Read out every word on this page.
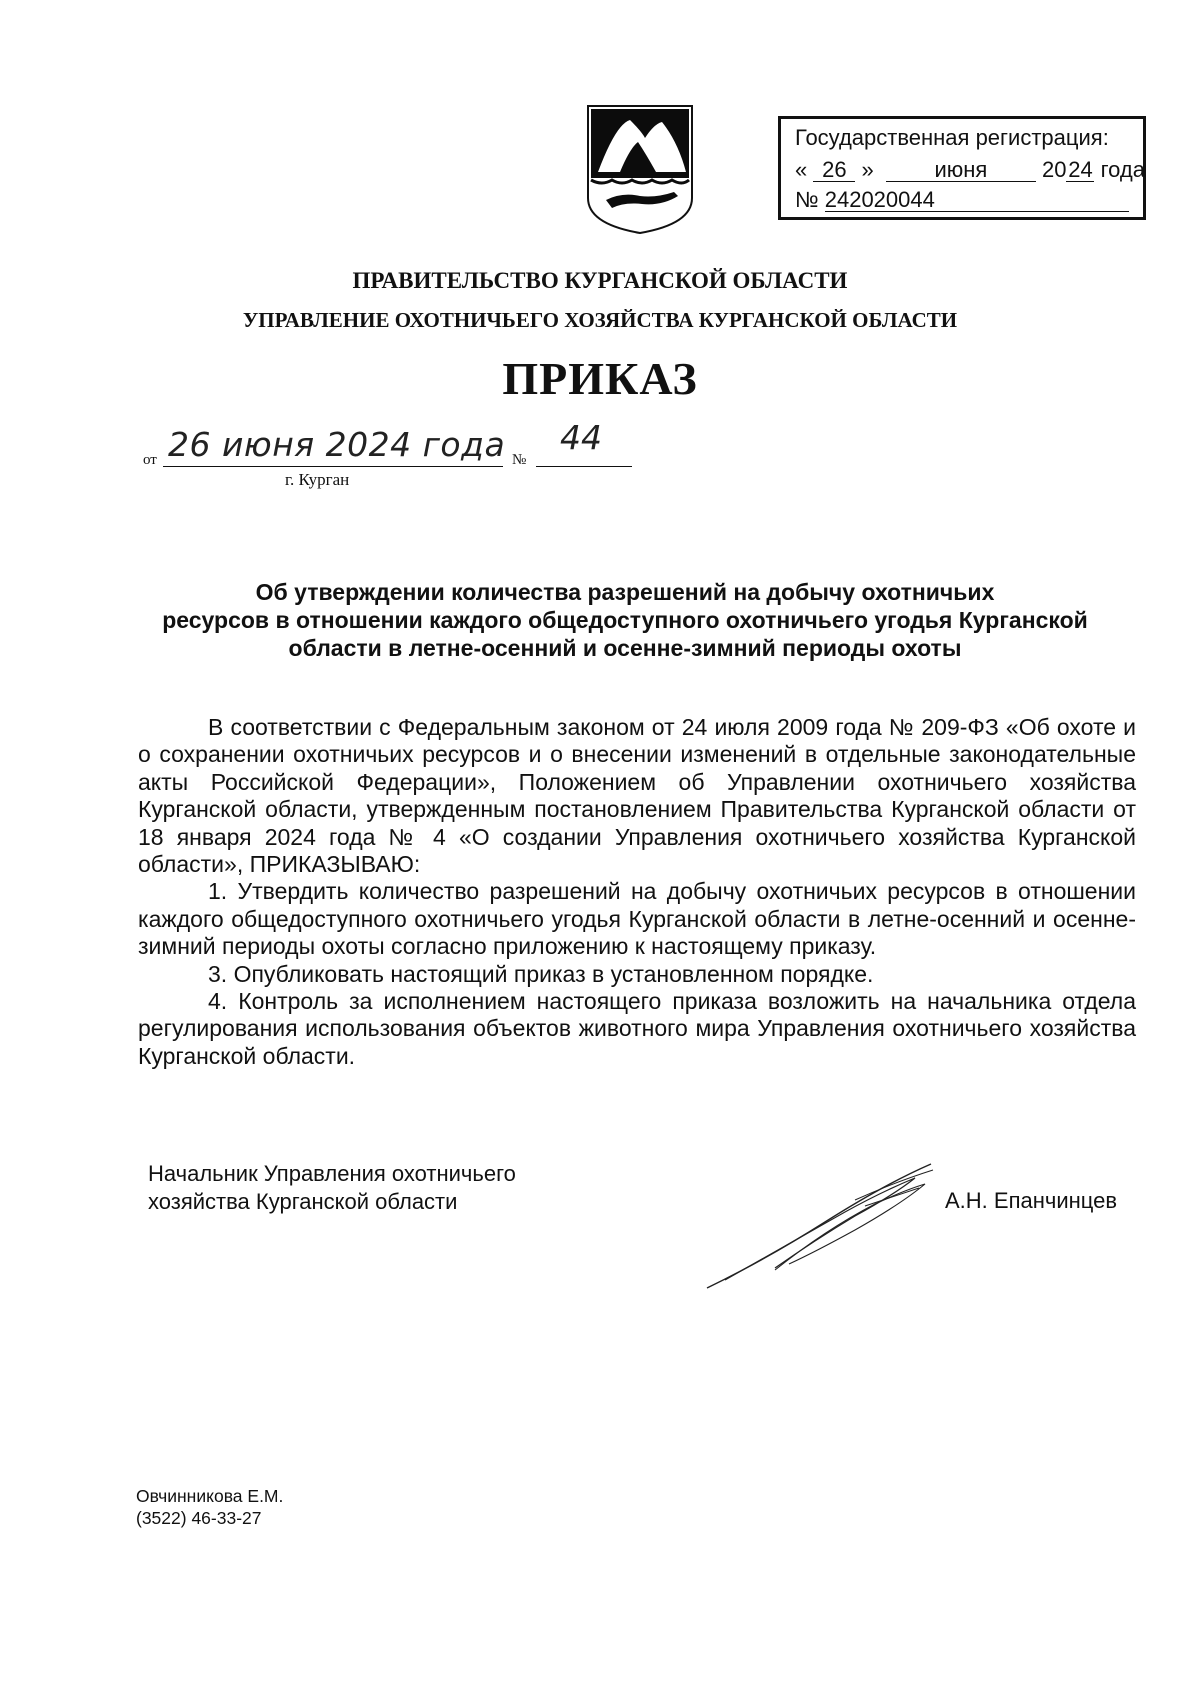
Государственная регистрация:
« 26 »	июня 2024 года
№ 242020044
ПРАВИТЕЛЬСТВО КУРГАНСКОЙ ОБЛАСТИ
УПРАВЛЕНИЕ ОХОТНИЧЬЕГО ХОЗЯЙСТВА КУРГАНСКОЙ ОБЛАСТИ
ПРИКАЗ
от 26 июня 2024 года №
44
г. Курган
Об утверждении количества разрешений на добычу охотничьих
ресурсов в отношении каждого общедоступного охотничьего угодья Курганской
области в летне-осенний и осенне-зимний периоды охоты

В соответствии с Федеральным законом от 24 июля 2009 года № 209-ФЗ «Об охоте и о сохранении охотничьих ресурсов и о внесении изменений в отдельные законодательные акты Российской Федерации», Положением об Управлении охотничьего хозяйства Курганской области, утвержденным постановлением Правительства Курганской области от 18 января 2024 года № 4 «О создании Управления охотничьего хозяйства Курганской области», ПРИКАЗЫВАЮ:

1. Утвердить количество разрешений на добычу охотничьих ресурсов в отношении каждого общедоступного охотничьего угодья Курганской области в летне-осенний и осенне-зимний периоды охоты согласно приложению к настоящему приказу.

3. Опубликовать настоящий приказ в установленном порядке.

4. Контроль за исполнением настоящего приказа возложить на начальника отдела регулирования использования объектов животного мира Управления охотничьего хозяйства Курганской области.

Начальник Управления охотничьего
хозяйства Курганской области	А.Н. Епанчинцев
Овчинникова Е.М.
(3522) 46-33-27
